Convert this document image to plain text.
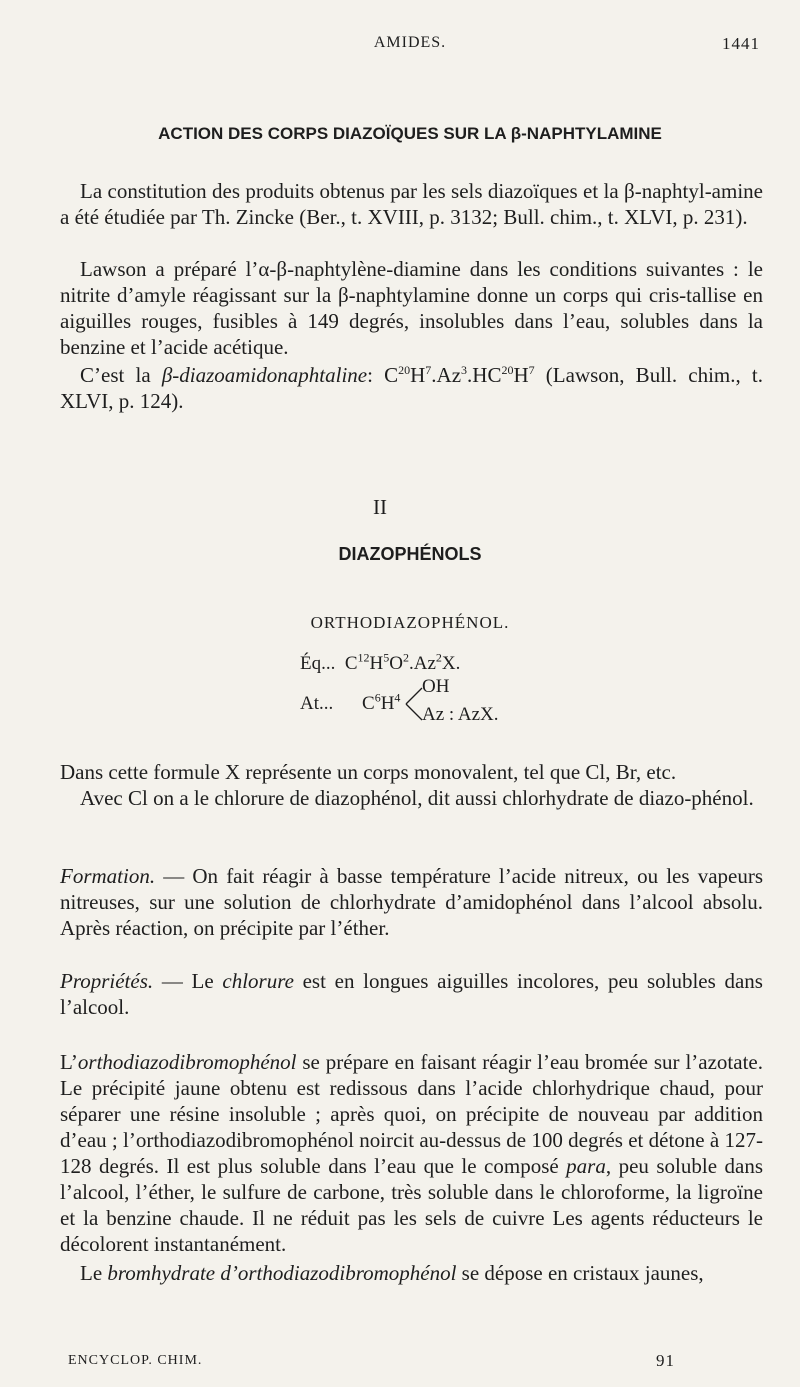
AMIDES.	1441
ACTION DES CORPS DIAZOÏQUES SUR LA β-NAPHTYLAMINE

La constitution des produits obtenus par les sels diazoïques et la β-naphtyl-amine a été étudiée par Th. Zincke (Ber., t. XVIII, p. 3132; Bull. chim., t. XLVI, p. 231).

Lawson a préparé l’α-β-naphtylène-diamine dans les conditions suivantes : le nitrite d’amyle réagissant sur la β-naphtylamine donne un corps qui cris-tallise en aiguilles rouges, fusibles à 149 degrés, insolubles dans l’eau, solubles dans la benzine et l’acide acétique.

C’est la β-diazoamidonaphtaline: $C^{20}H^7.Az^3.HC^{20}H^7$ (Lawson, Bull. chim., t. XLVI, p. 124).

II
DIAZOPHÉNOLS
ORTHODIAZOPHÉNOL.
Éq...  $C^{12}H^5O^2.Az^2X$.
At... $C^6H^4$
OH
Az : AzX.

Dans cette formule X représente un corps monovalent, tel que Cl, Br, etc.

Avec Cl on a le chlorure de diazophénol, dit aussi chlorhydrate de diazo-phénol.

Formation. — On fait réagir à basse température l’acide nitreux, ou les vapeurs nitreuses, sur une solution de chlorhydrate d’amidophénol dans l’alcool absolu. Après réaction, on précipite par l’éther.

Propriétés. — Le chlorure est en longues aiguilles incolores, peu solubles dans l’alcool.

L’orthodiazodibromophénol se prépare en faisant réagir l’eau bromée sur l’azotate. Le précipité jaune obtenu est redissous dans l’acide chlorhydrique chaud, pour séparer une résine insoluble ; après quoi, on précipite de nouveau par addition d’eau ; l’orthodiazodibromophénol noircit au-dessus de 100 degrés et détone à 127-128 degrés. Il est plus soluble dans l’eau que le composé para, peu soluble dans l’alcool, l’éther, le sulfure de carbone, très soluble dans le chloroforme, la ligroïne et la benzine chaude. Il ne réduit pas les sels de cuivre Les agents réducteurs le décolorent instantanément.

Le bromhydrate d’orthodiazodibromophénol se dépose en cristaux jaunes,

ENCYCLOP. CHIM.	91
